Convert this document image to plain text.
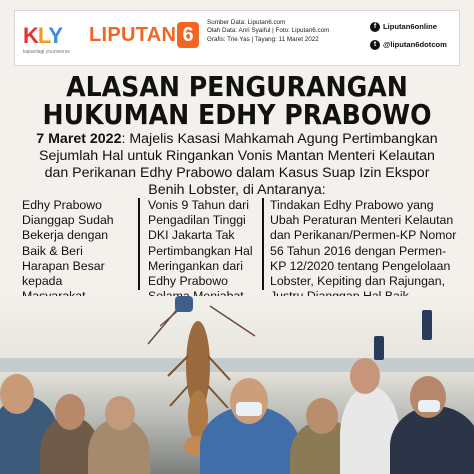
KLY
kapanlagi youniverse
LIPUTAN 6
Sumber Data: Liputan6.com
Olah Data: Anri Syaiful | Foto: Liputan6.com
Grafis: Trie Yas | Tayang: 11 Maret 2022
f Liputan6online
t @liputan6dotcom
ALASAN PENGURANGAN
HUKUMAN EDHY PRABOWO
7 Maret 2022: Majelis Kasasi Mahkamah Agung Pertimbangkan Sejumlah Hal untuk Ringankan Vonis Mantan Menteri Kelautan dan Perikanan Edhy Prabowo dalam Kasus Suap Izin Ekspor Benih Lobster, di Antaranya:
Edhy Prabowo Dianggap Sudah Bekerja dengan Baik & Beri Harapan Besar kepada
Vonis 9 Tahun dari Pengadilan Tinggi DKI Jakarta Tak Pertimbangkan Hal Meringankan dari Edhy Prabowo
Tindakan Edhy Prabowo yang Ubah Peraturan Menteri Kelautan dan Perikanan/Permen-KP Nomor 56 Tahun 2016 dengan Permen-KP 12/2020 tentang Pengelolaan Lobster, Kepiting dan Rajungan,
